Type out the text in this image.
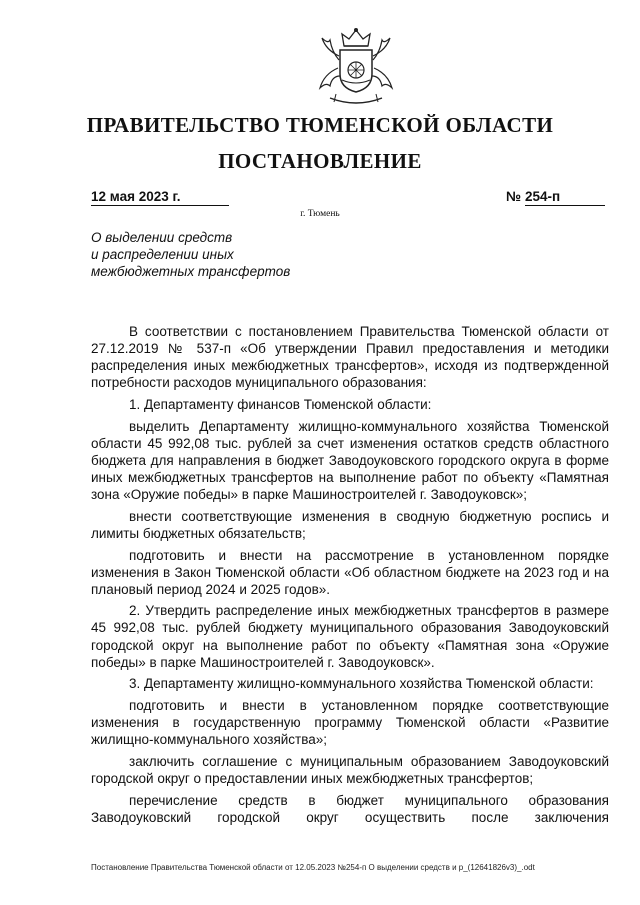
ПРАВИТЕЛЬСТВО ТЮМЕНСКОЙ ОБЛАСТИ
ПОСТАНОВЛЕНИЕ
12 мая 2023 г.	№ 254-п
г. Тюмень
О выделении средств
и распределении иных
межбюджетных трансфертов

В соответствии с постановлением Правительства Тюменской области от 27.12.2019 № 537-п «Об утверждении Правил предоставления и методики распределения иных межбюджетных трансфертов», исходя из подтвержденной потребности расходов муниципального образования:

1. Департаменту финансов Тюменской области:

выделить Департаменту жилищно-коммунального хозяйства Тюменской области 45 992,08 тыс. рублей за счет изменения остатков средств областного бюджета для направления в бюджет Заводоуковского городского округа в форме иных межбюджетных трансфертов на выполнение работ по объекту «Памятная зона «Оружие победы» в парке Машиностроителей г. Заводоуковск»;

внести соответствующие изменения в сводную бюджетную роспись и лимиты бюджетных обязательств;

подготовить и внести на рассмотрение в установленном порядке изменения в Закон Тюменской области «Об областном бюджете на 2023 год и на плановый период 2024 и 2025 годов».

2. Утвердить распределение иных межбюджетных трансфертов в размере 45 992,08 тыс. рублей бюджету муниципального образования Заводоуковский городской округ на выполнение работ по объекту «Памятная зона «Оружие победы» в парке Машиностроителей г. Заводоуковск».

3. Департаменту жилищно-коммунального хозяйства Тюменской области:

подготовить и внести в установленном порядке соответствующие изменения в государственную программу Тюменской области «Развитие жилищно-коммунального хозяйства»;

заключить соглашение с муниципальным образованием Заводоуковский городской округ о предоставлении иных межбюджетных трансфертов;

перечисление средств в бюджет муниципального образования Заводоуковский городской округ осуществить после заключения

Постановление Правительства Тюменской области от 12.05.2023 №254-п О выделении средств и р_(12641826v3)_.odt
